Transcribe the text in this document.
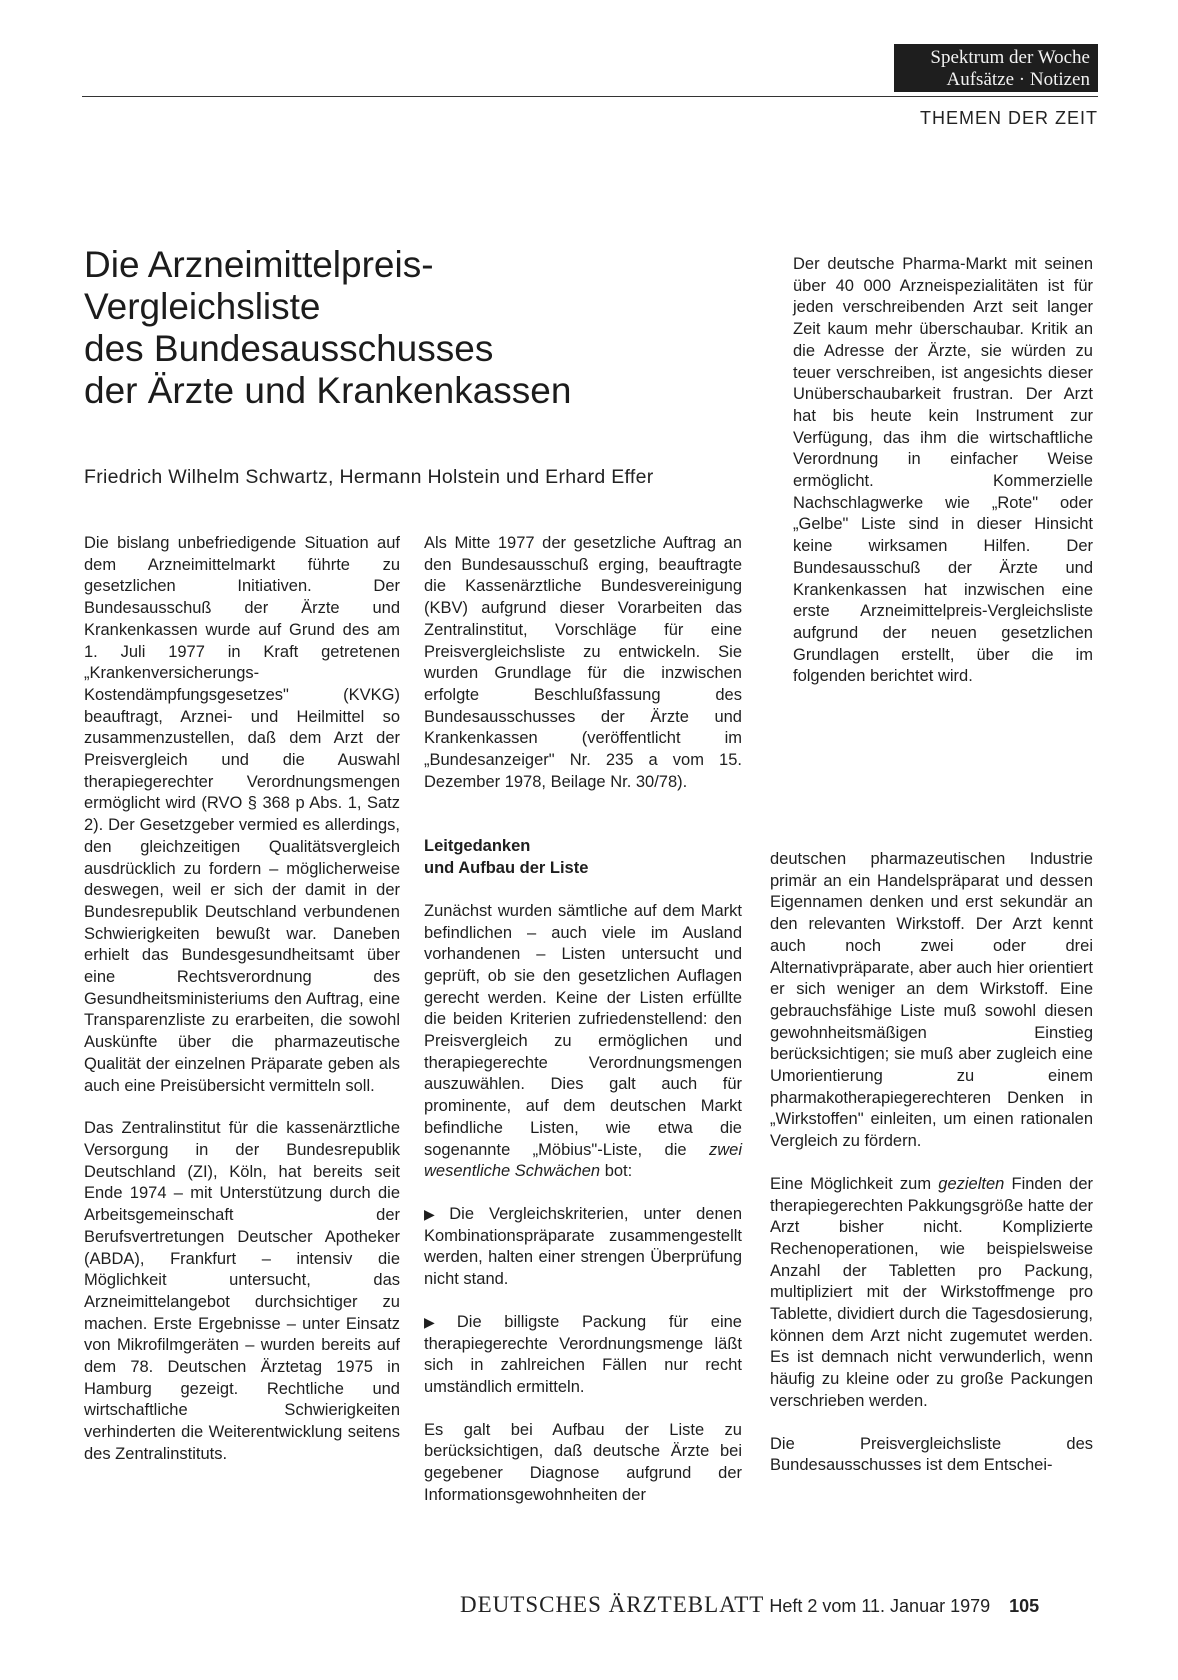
Spektrum der Woche
Aufsätze · Notizen
THEMEN DER ZEIT
Die Arzneimittelpreis-
Vergleichsliste
des Bundesausschusses
der Ärzte und Krankenkassen
Friedrich Wilhelm Schwartz, Hermann Holstein und Erhard Effer

Die bislang unbefriedigende Situation auf dem Arzneimittelmarkt führte zu gesetzlichen Initiativen. Der Bundesausschuß der Ärzte und Krankenkassen wurde auf Grund des am 1. Juli 1977 in Kraft getretenen „Krankenversicherungs-Kostendämpfungsgesetzes" (KVKG) beauftragt, Arznei- und Heilmittel so zusammenzustellen, daß dem Arzt der Preisvergleich und die Auswahl therapiegerechter Verordnungsmengen ermöglicht wird (RVO § 368 p Abs. 1, Satz 2). Der Gesetzgeber vermied es allerdings, den gleichzeitigen Qualitätsvergleich ausdrücklich zu fordern – möglicherweise deswegen, weil er sich der damit in der Bundesrepublik Deutschland verbundenen Schwierigkeiten bewußt war. Daneben erhielt das Bundesgesundheitsamt über eine Rechtsverordnung des Gesundheitsministeriums den Auftrag, eine Transparenzliste zu erarbeiten, die sowohl Auskünfte über die pharmazeutische Qualität der einzelnen Präparate geben als auch eine Preisübersicht vermitteln soll.

Das Zentralinstitut für die kassenärztliche Versorgung in der Bundesrepublik Deutschland (ZI), Köln, hat bereits seit Ende 1974 – mit Unterstützung durch die Arbeitsgemeinschaft der Berufsvertretungen Deutscher Apotheker (ABDA), Frankfurt – intensiv die Möglichkeit untersucht, das Arzneimittelangebot durchsichtiger zu machen. Erste Ergebnisse – unter Einsatz von Mikrofilmgeräten – wurden bereits auf dem 78. Deutschen Ärztetag 1975 in Hamburg gezeigt. Rechtliche und wirtschaftliche Schwierigkeiten verhinderten die Weiterentwicklung seitens des Zentralinstituts.

Als Mitte 1977 der gesetzliche Auftrag an den Bundesausschuß erging, beauftragte die Kassenärztliche Bundesvereinigung (KBV) aufgrund dieser Vorarbeiten das Zentralinstitut, Vorschläge für eine Preisvergleichsliste zu entwickeln. Sie wurden Grundlage für die inzwischen erfolgte Beschlußfassung des Bundesausschusses der Ärzte und Krankenkassen (veröffentlicht im „Bundesanzeiger" Nr. 235 a vom 15. Dezember 1978, Beilage Nr. 30/78).

Leitgedanken
und Aufbau der Liste

Zunächst wurden sämtliche auf dem Markt befindlichen – auch viele im Ausland vorhandenen – Listen untersucht und geprüft, ob sie den gesetzlichen Auflagen gerecht werden. Keine der Listen erfüllte die beiden Kriterien zufriedenstellend: den Preisvergleich zu ermöglichen und therapiegerechte Verordnungsmengen auszuwählen. Dies galt auch für prominente, auf dem deutschen Markt befindliche Listen, wie etwa die sogenannte „Möbius"-Liste, die zwei wesentliche Schwächen bot:

▶ Die Vergleichskriterien, unter denen Kombinationspräparate zusammengestellt werden, halten einer strengen Überprüfung nicht stand.

▶ Die billigste Packung für eine therapiegerechte Verordnungsmenge läßt sich in zahlreichen Fällen nur recht umständlich ermitteln.

Es galt bei Aufbau der Liste zu berücksichtigen, daß deutsche Ärzte bei gegebener Diagnose aufgrund der Informationsgewohnheiten der

Der deutsche Pharma-Markt mit seinen über 40 000 Arzneispezialitäten ist für jeden verschreibenden Arzt seit langer Zeit kaum mehr überschaubar. Kritik an die Adresse der Ärzte, sie würden zu teuer verschreiben, ist angesichts dieser Unüberschaubarkeit frustran. Der Arzt hat bis heute kein Instrument zur Verfügung, das ihm die wirtschaftliche Verordnung in einfacher Weise ermöglicht. Kommerzielle Nachschlagwerke wie „Rote" oder „Gelbe" Liste sind in dieser Hinsicht keine wirksamen Hilfen. Der Bundesausschuß der Ärzte und Krankenkassen hat inzwischen eine erste Arzneimittelpreis-Vergleichsliste aufgrund der neuen gesetzlichen Grundlagen erstellt, über die im folgenden berichtet wird.

deutschen pharmazeutischen Industrie primär an ein Handelspräparat und dessen Eigennamen denken und erst sekundär an den relevanten Wirkstoff. Der Arzt kennt auch noch zwei oder drei Alternativpräparate, aber auch hier orientiert er sich weniger an dem Wirkstoff. Eine gebrauchsfähige Liste muß sowohl diesen gewohnheitsmäßigen Einstieg berücksichtigen; sie muß aber zugleich eine Umorientierung zu einem pharmakotherapiegerechteren Denken in „Wirkstoffen" einleiten, um einen rationalen Vergleich zu fördern.

Eine Möglichkeit zum gezielten Finden der therapiegerechten Pakkungsgröße hatte der Arzt bisher nicht. Komplizierte Rechenoperationen, wie beispielsweise Anzahl der Tabletten pro Packung, multipliziert mit der Wirkstoffmenge pro Tablette, dividiert durch die Tagesdosierung, können dem Arzt nicht zugemutet werden. Es ist demnach nicht verwunderlich, wenn häufig zu kleine oder zu große Packungen verschrieben werden.

Die Preisvergleichsliste des Bundesausschusses ist dem Entschei-

DEUTSCHES ÄRZTEBLATT Heft 2 vom 11. Januar 1979 105
